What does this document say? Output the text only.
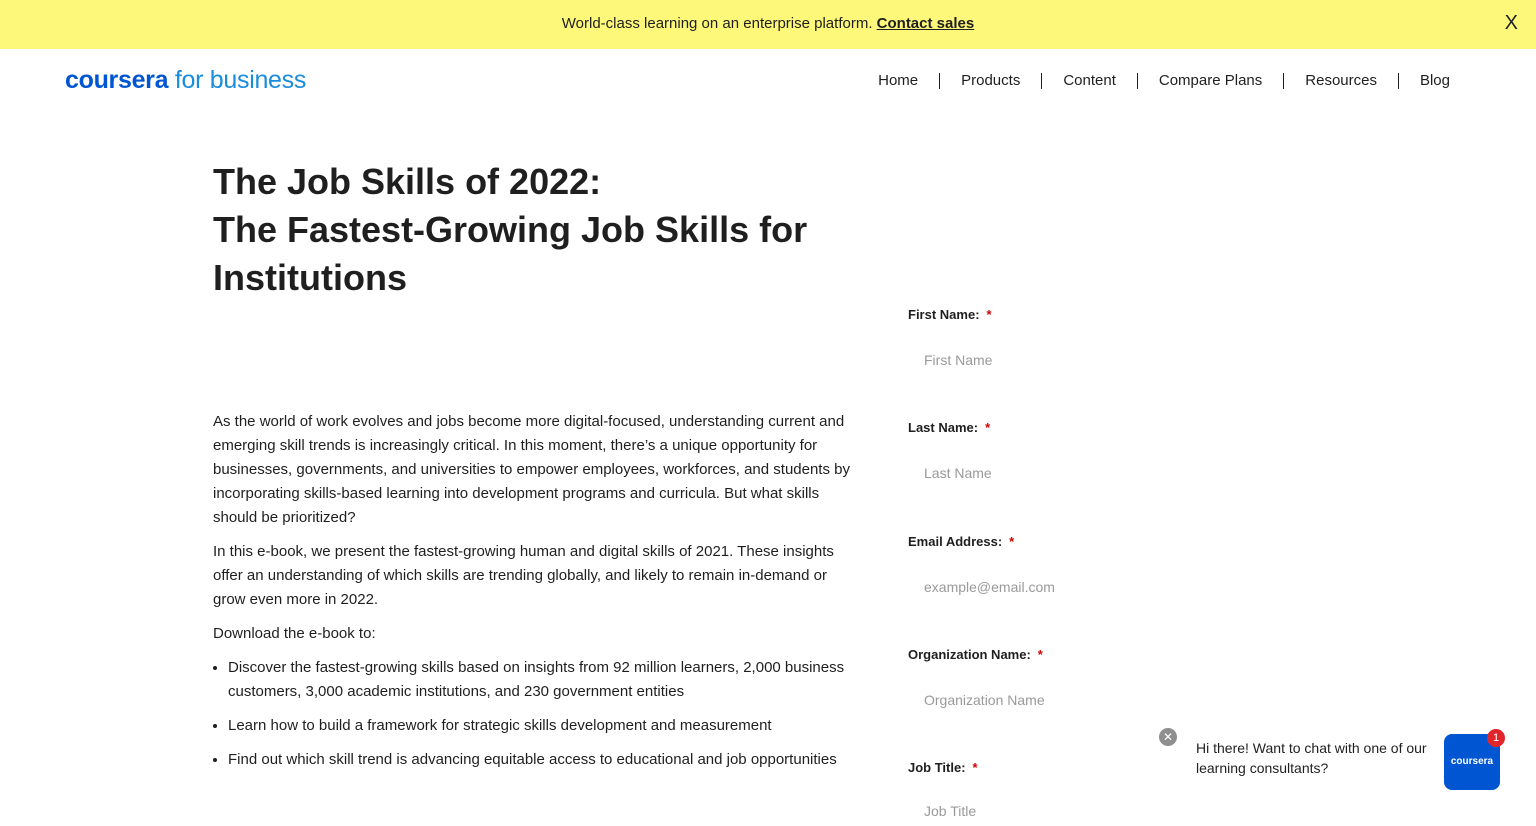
World-class learning on an enterprise platform. Contact sales	X
coursera for business	Home	Products	Content	Compare Plans	Resources	Blog
The Job Skills of 2022:
The Fastest-Growing Job Skills for
Institutions

As the world of work evolves and jobs become more digital-focused, understanding current and emerging skill trends is increasingly critical. In this moment, there’s a unique opportunity for businesses, governments, and universities to empower employees, workforces, and students by incorporating skills-based learning into development programs and curricula. But what skills should be prioritized?

In this e-book, we present the fastest-growing human and digital skills of 2021. These insights offer an understanding of which skills are trending globally, and likely to remain in-demand or grow even more in 2022.

Download the e-book to:

• Discover the fastest-growing skills based on insights from 92 million learners, 2,000 business customers, 3,000 academic institutions, and 230 government entities
• Learn how to build a framework for strategic skills development and measurement
• Find out which skill trend is advancing equitable access to educational and job opportunities
First Name: *
First Name
Last Name: *
Last Name
Email Address: *
example@email.com
Organization Name: *
Organization Name
Job Title: *
Job Title
✕
Hi there! Want to chat with one of our learning consultants?	coursera
1
